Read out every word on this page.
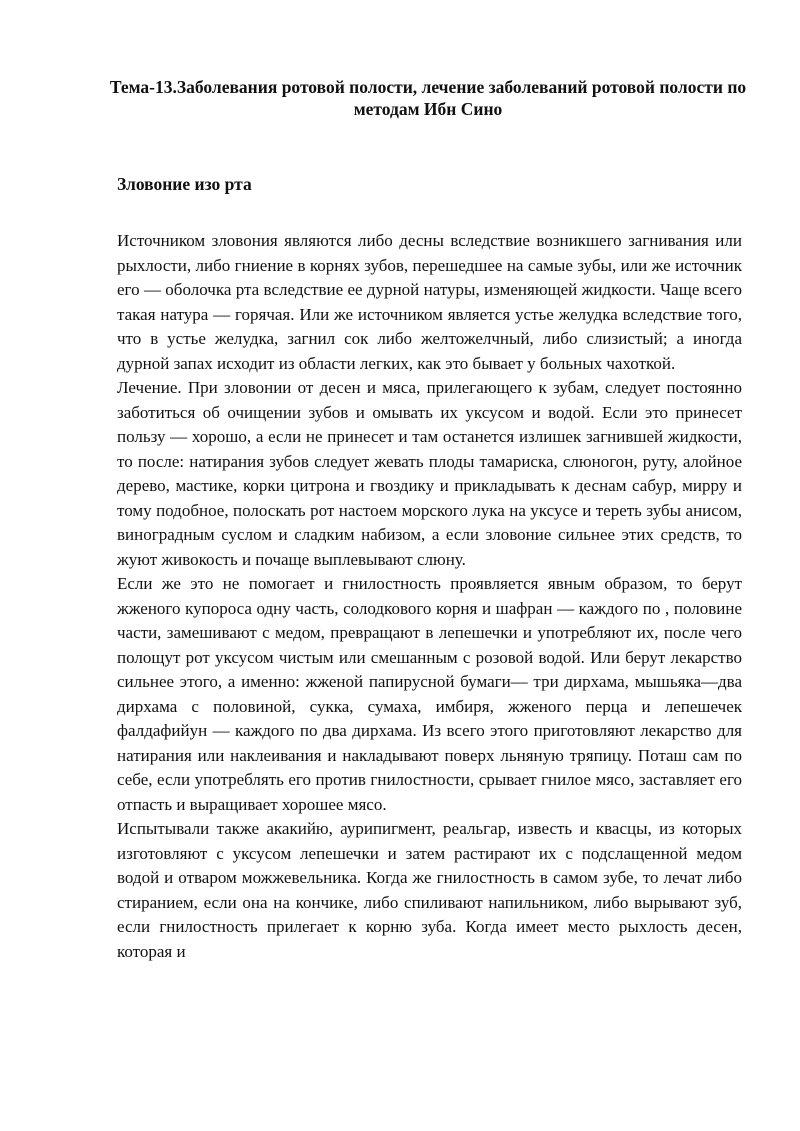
Тема-13.Заболевания ротовой полости, лечение заболеваний ротовой полости по методам Ибн Сино
Зловоние изо рта

Источником зловония являются либо десны вследствие возникшего загнивания или рыхлости, либо гниение в корнях зубов, перешедшее на самые зубы, или же источник его — оболочка рта вследствие ее дурной натуры, изменяющей жидкости. Чаще всего такая натура — горячая. Или же источником является устье желудка вследствие того, что в устье желудка, загнил сок либо желтожелчный, либо слизистый; а иногда дурной запах исходит из области легких, как это бывает у больных чахоткой.

Лечение. При зловонии от десен и мяса, прилегающего к зубам, следует постоянно заботиться об очищении зубов и омывать их уксусом и водой. Если это принесет пользу — хорошо, а если не принесет и там останется излишек загнившей жидкости, то после: натирания зубов следует жевать плоды тамариска, слюногон, руту, алойное дерево, мастике, корки цитрона и гвоздику и прикладывать к деснам сабур, мирру и тому подобное, полоскать рот настоем морского лука на уксусе и тереть зубы анисом, виноградным суслом и сладким набизом, а если зловоние сильнее этих средств, то жуют живокость и почаще выплевывают слюну.

Если же это не помогает и гнилостность проявляется явным образом, то берут жженого купороса одну часть, солодкового корня и шафран — каждого по , половине части, замешивают с медом, превращают в лепешечки и употребляют их, после чего полощут рот уксусом чистым или смешанным с розовой водой. Или берут лекарство сильнее этого, а именно: жженой папирусной бумаги— три дирхама, мышьяка—два дирхама с половиной, сукка, сумаха, имбиря, жженого перца и лепешечек фалдафийун — каждого по два дирхама. Из всего этого приготовляют лекарство для натирания или наклеивания и накладывают поверх льняную тряпицу. Поташ сам по себе, если употреблять его против гнилостности, срывает гнилое мясо, заставляет его отпасть и выращивает хорошее мясо.

Испытывали также акакийю, аурипигмент, реальгар, известь и квасцы, из которых изготовляют с уксусом лепешечки и затем растирают их с подслащенной медом водой и отваром можжевельника. Когда же гнилостность в самом зубе, то лечат либо стиранием, если она на кончике, либо спиливают напильником, либо вырывают зуб, если гнилостность прилегает к корню зуба. Когда имеет место рыхлость десен, которая и
